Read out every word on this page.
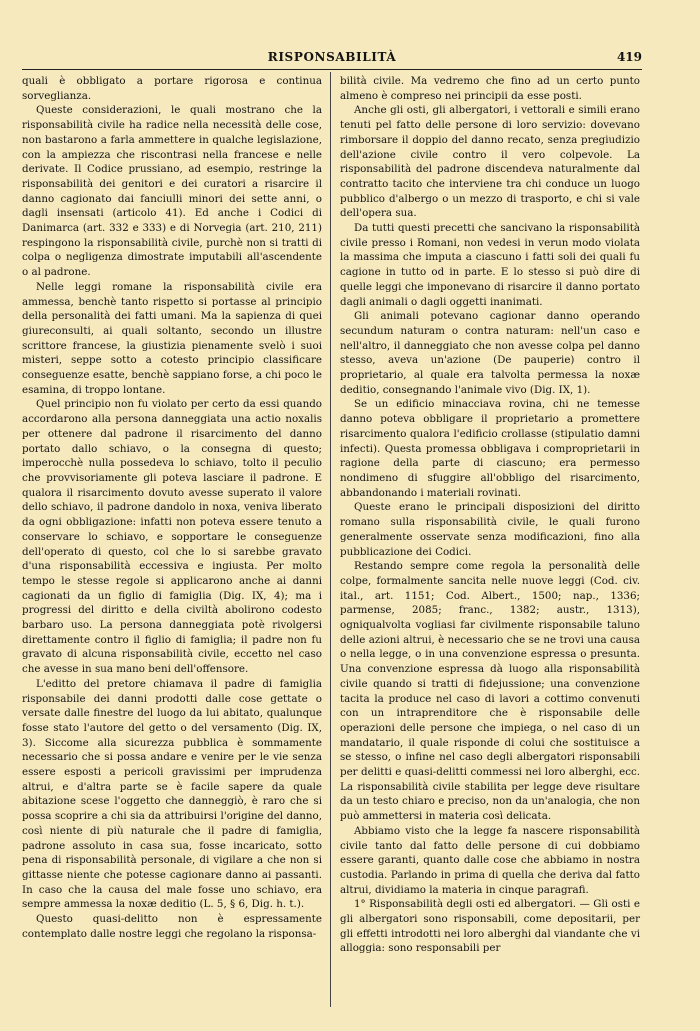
RISPONSABILITÀ	419

quali è obbligato a portare rigorosa e continua sorveglianza.

Queste considerazioni, le quali mostrano che la risponsabilità civile ha radice nella necessità delle cose, non bastarono a farla ammettere in qualche legislazione, con la ampiezza che riscontrasi nella francese e nelle derivate. Il Codice prussiano, ad esempio, restringe la risponsabilità dei genitori e dei curatori a risarcire il danno cagionato dai fanciulli minori dei sette anni, o dagli insensati (articolo 41). Ed anche i Codici di Danimarca (art. 332 e 333) e di Norvegia (art. 210, 211) respingono la risponsabilità civile, purchè non si tratti di colpa o negligenza dimostrate imputabili all'ascendente o al padrone.

Nelle leggi romane la risponsabilità civile era ammessa, benchè tanto rispetto si portasse al principio della personalità dei fatti umani. Ma la sapienza di quei giureconsulti, ai quali soltanto, secondo un illustre scrittore francese, la giustizia pienamente svelò i suoi misteri, seppe sotto a cotesto principio classificare conseguenze esatte, benchè sappiano forse, a chi poco le esamina, di troppo lontane.

Quel principio non fu violato per certo da essi quando accordarono alla persona danneggiata una actio noxalis per ottenere dal padrone il risarcimento del danno portato dallo schiavo, o la consegna di questo; imperocchè nulla possedeva lo schiavo, tolto il peculio che provvisoriamente gli poteva lasciare il padrone. E qualora il risarcimento dovuto avesse superato il valore dello schiavo, il padrone dandolo in noxa, veniva liberato da ogni obbligazione: infatti non poteva essere tenuto a conservare lo schiavo, e sopportare le conseguenze dell'operato di questo, col che lo si sarebbe gravato d'una risponsabilità eccessiva e ingiusta. Per molto tempo le stesse regole si applicarono anche ai danni cagionati da un figlio di famiglia (Dig. IX, 4); ma i progressi del diritto e della civiltà abolirono codesto barbaro uso. La persona danneggiata potè rivolgersi direttamente contro il figlio di famiglia; il padre non fu gravato di alcuna risponsabilità civile, eccetto nel caso che avesse in sua mano beni dell'offensore.

L'editto del pretore chiamava il padre di famiglia risponsabile dei danni prodotti dalle cose gettate o versate dalle finestre del luogo da lui abitato, qualunque fosse stato l'autore del getto o del versamento (Dig. IX, 3). Siccome alla sicurezza pubblica è sommamente necessario che si possa andare e venire per le vie senza essere esposti a pericoli gravissimi per imprudenza altrui, e d'altra parte se è facile sapere da quale abitazione scese l'oggetto che danneggiò, è raro che si possa scoprire a chi sia da attribuirsi l'origine del danno, così niente di più naturale che il padre di famiglia, padrone assoluto in casa sua, fosse incaricato, sotto pena di risponsabilità personale, di vigilare a che non si gittasse niente che potesse cagionare danno ai passanti. In caso che la causa del male fosse uno schiavo, era sempre ammessa la noxæ deditio (L. 5, § 6, Dig. h. t.).

Questo quasi-delitto non è espressamente contemplato dalle nostre leggi che regolano la risponsa-

bilità civile. Ma vedremo che fino ad un certo punto almeno è compreso nei principii da esse posti.

Anche gli osti, gli albergatori, i vettorali e simili erano tenuti pel fatto delle persone di loro servizio: dovevano rimborsare il doppio del danno recato, senza pregiudizio dell'azione civile contro il vero colpevole. La risponsabilità del padrone discendeva naturalmente dal contratto tacito che interviene tra chi conduce un luogo pubblico d'albergo o un mezzo di trasporto, e chi si vale dell'opera sua.

Da tutti questi precetti che sancivano la risponsabilità civile presso i Romani, non vedesi in verun modo violata la massima che imputa a ciascuno i fatti soli dei quali fu cagione in tutto od in parte. E lo stesso si può dire di quelle leggi che imponevano di risarcire il danno portato dagli animali o dagli oggetti inanimati.

Gli animali potevano cagionar danno operando secundum naturam o contra naturam: nell'un caso e nell'altro, il danneggiato che non avesse colpa pel danno stesso, aveva un'azione (De pauperie) contro il proprietario, al quale era talvolta permessa la noxæ deditio, consegnando l'animale vivo (Dig. IX, 1).

Se un edificio minacciava rovina, chi ne temesse danno poteva obbligare il proprietario a promettere risarcimento qualora l'edificio crollasse (stipulatio damni infecti). Questa promessa obbligava i comproprietarii in ragione della parte di ciascuno; era permesso nondimeno di sfuggire all'obbligo del risarcimento, abbandonando i materiali rovinati.

Queste erano le principali disposizioni del diritto romano sulla risponsabilità civile, le quali furono generalmente osservate senza modificazioni, fino alla pubblicazione dei Codici.

Restando sempre come regola la personalità delle colpe, formalmente sancita nelle nuove leggi (Cod. civ. ital., art. 1151; Cod. Albert., 1500; nap., 1336; parmense, 2085; franc., 1382; austr., 1313), ogniqualvolta vogliasi far civilmente risponsabile taluno delle azioni altrui, è necessario che se ne trovi una causa o nella legge, o in una convenzione espressa o presunta. Una convenzione espressa dà luogo alla risponsabilità civile quando si tratti di fidejussione; una convenzione tacita la produce nel caso di lavori a cottimo convenuti con un intraprenditore che è risponsabile delle operazioni delle persone che impiega, o nel caso di un mandatario, il quale risponde di colui che sostituisce a se stesso, o infine nel caso degli albergatori risponsabili per delitti e quasi-delitti commessi nei loro alberghi, ecc. La risponsabilità civile stabilita per legge deve risultare da un testo chiaro e preciso, non da un'analogia, che non può ammettersi in materia così delicata.

Abbiamo visto che la legge fa nascere risponsabilità civile tanto dal fatto delle persone di cui dobbiamo essere garanti, quanto dalle cose che abbiamo in nostra custodia. Parlando in prima di quella che deriva dal fatto altrui, dividiamo la materia in cinque paragrafi.

1° Risponsabilità degli osti ed albergatori. — Gli osti e gli albergatori sono risponsabili, come depositarii, per gli effetti introdotti nei loro alberghi dal viandante che vi alloggia: sono responsabili per
